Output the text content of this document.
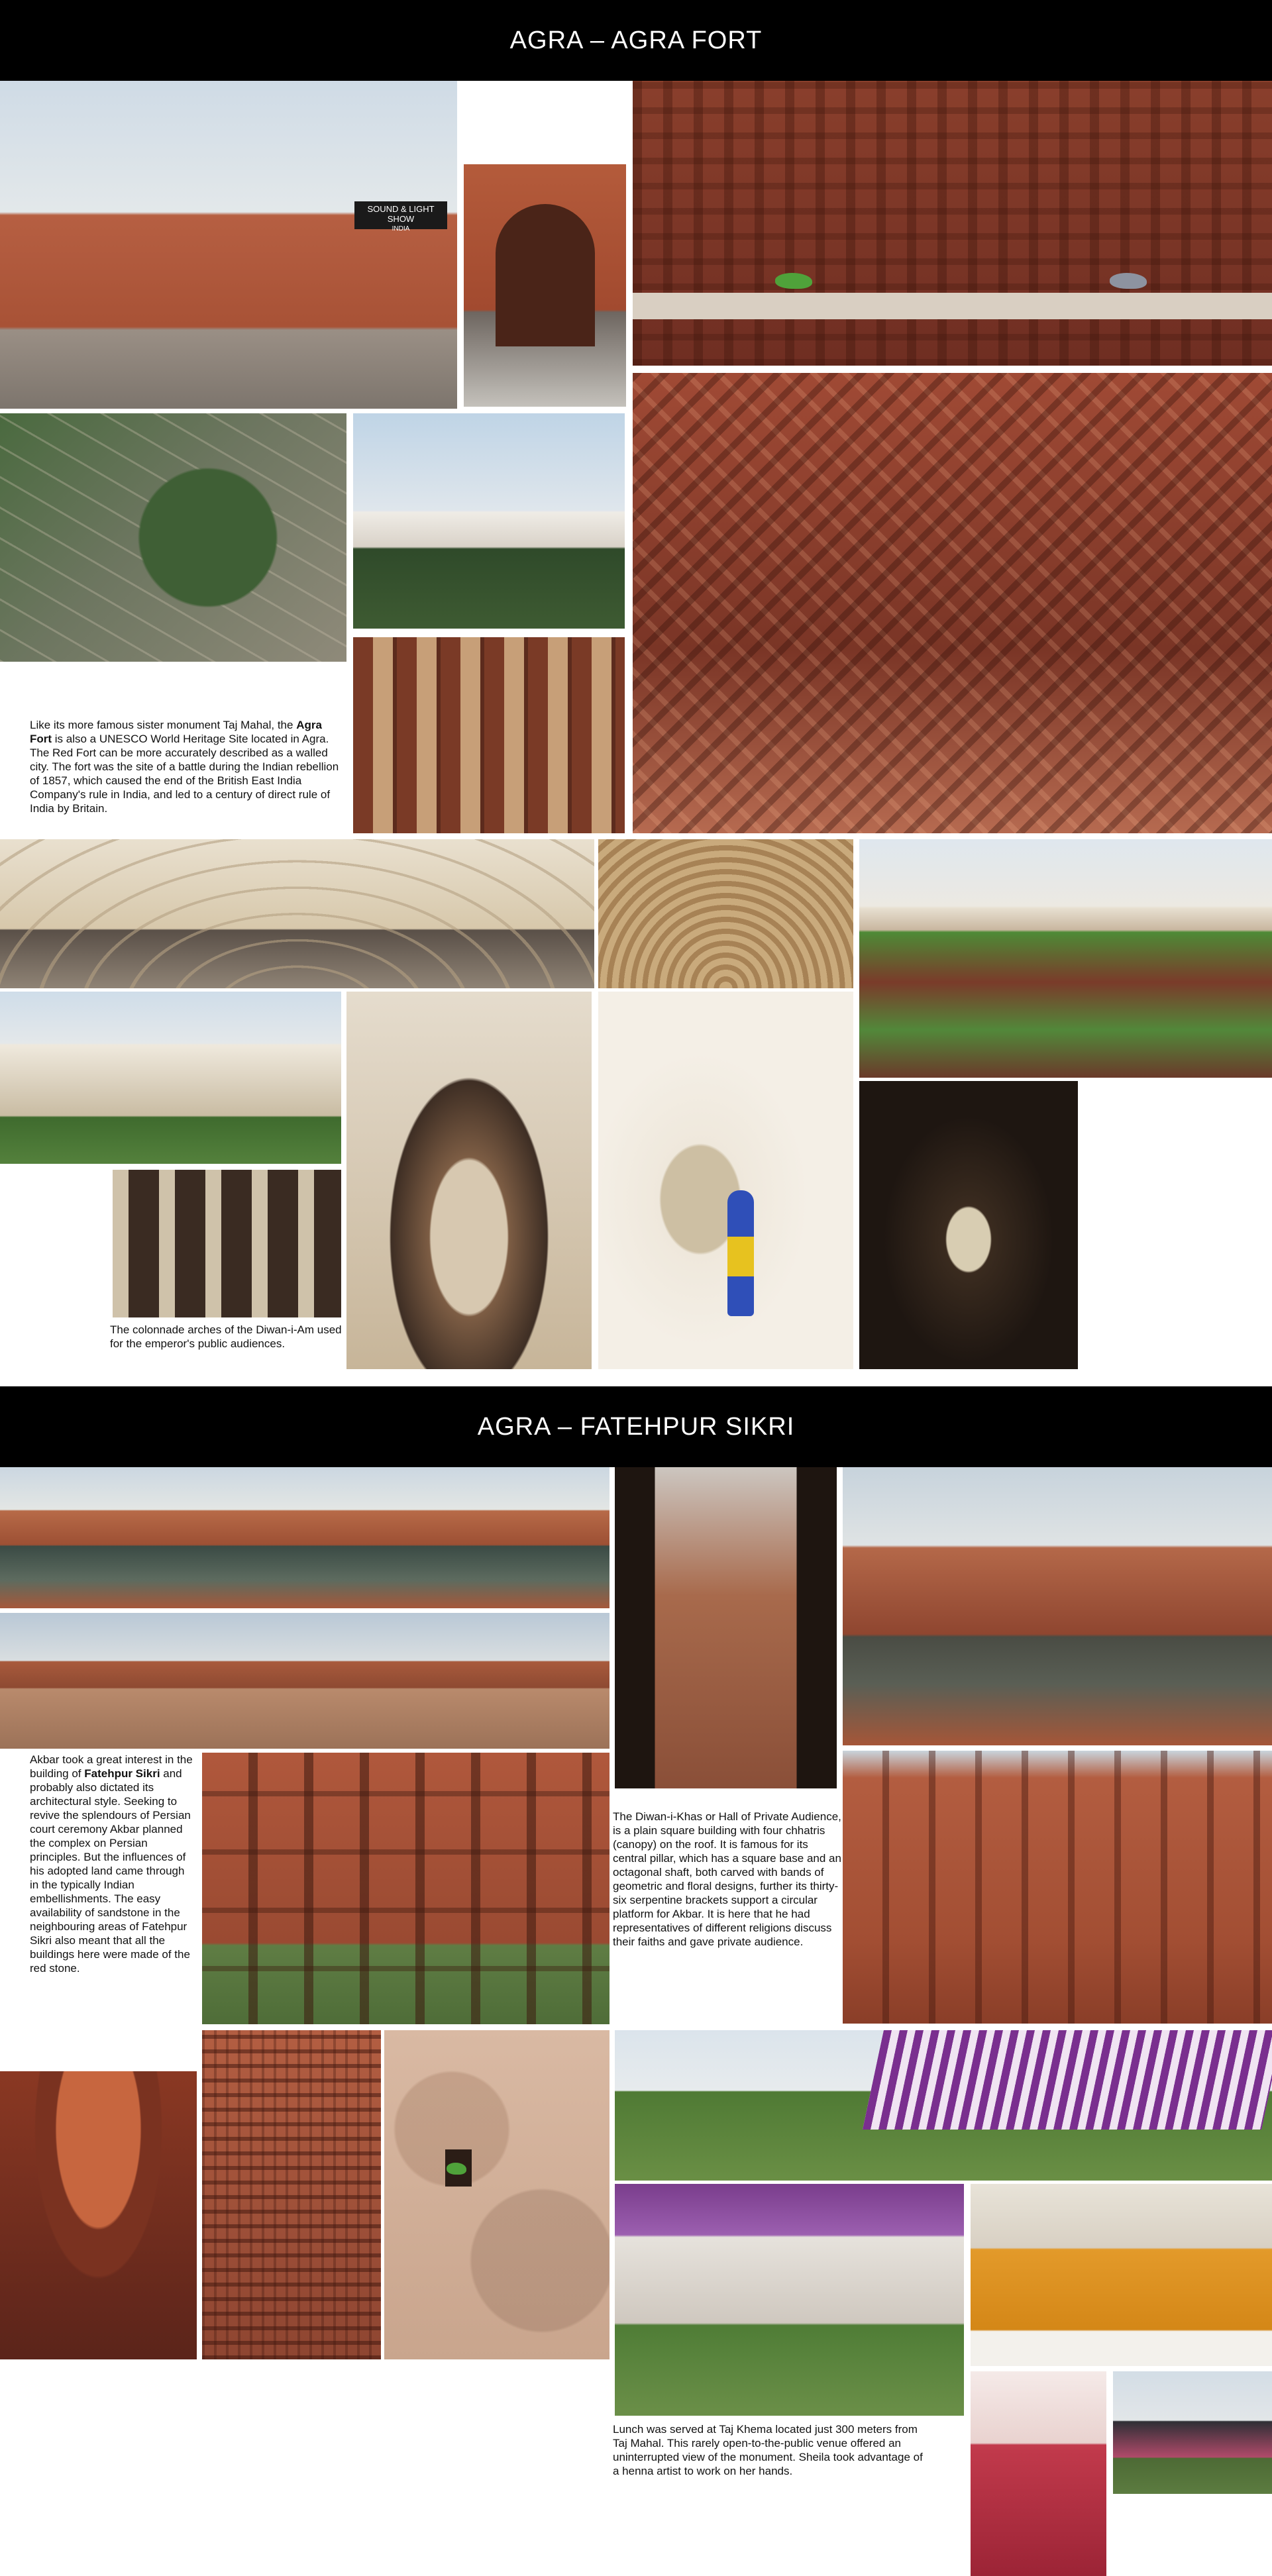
AGRA – AGRA FORT
SOUND & LIGHT SHOW
INDIA
Like its more famous sister monument Taj Mahal, the Agra Fort is also a UNESCO World Heritage Site located in Agra. The Red Fort can be more accurately described as a walled city. The fort was the site of a battle during the Indian rebellion of 1857, which caused the end of the British East India Company's rule in India, and led to a century of direct rule of India by Britain.
The colonnade arches of the Diwan-i-Am used for the emperor's public audiences.
AGRA – FATEHPUR SIKRI
Akbar took a great interest in the building of Fatehpur Sikri and probably also dictated its architectural style. Seeking to revive the splendours of Persian court ceremony Akbar planned the complex on Persian principles. But the influences of his adopted land came through in the typically Indian embellishments. The easy availability of sandstone in the neighbouring areas of Fatehpur Sikri also meant that all the buildings here were made of the red stone.
The Diwan-i-Khas or Hall of Private Audience, is a plain square building with four chhatris (canopy) on the roof. It is famous for its central pillar, which has a square base and an octagonal shaft, both carved with bands of geometric and floral designs, further its thirty-six serpentine brackets support a circular platform for Akbar. It is here that he had representatives of different religions discuss their faiths and gave private audience.
Lunch was served at Taj Khema located just 300 meters from Taj Mahal. This rarely open-to-the-public venue offered an uninterrupted view of the monument. Sheila took advantage of a henna artist to work on her hands.
